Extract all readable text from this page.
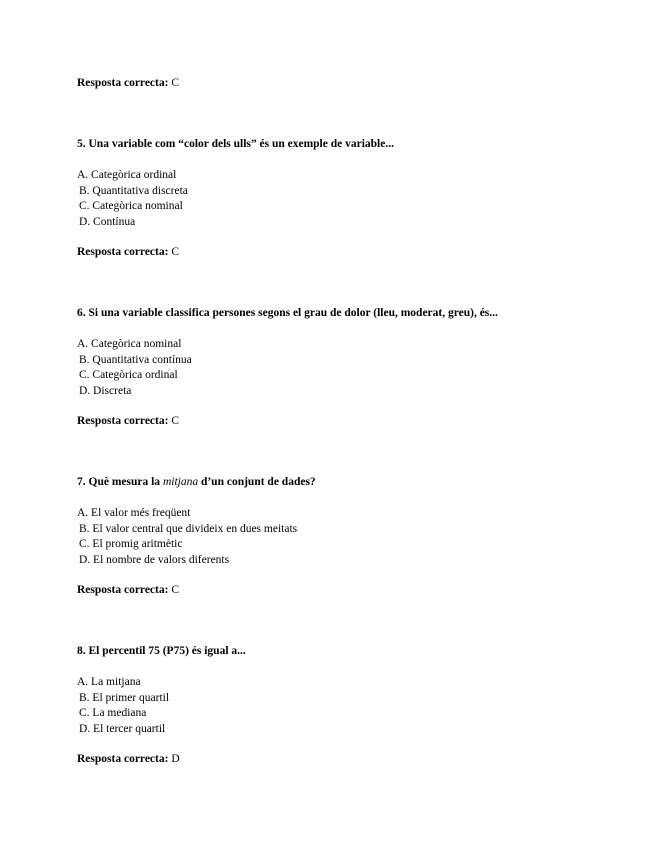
Resposta correcta: C

5. Una variable com “color dels ulls” és un exemple de variable...

A. Categòrica ordinal
B. Quantitativa discreta
C. Categòrica nominal
D. Contínua
Resposta correcta: C

6. Si una variable classifica persones segons el grau de dolor (lleu, moderat, greu), és...

A. Categòrica nominal
B. Quantitativa contínua
C. Categòrica ordinal
D. Discreta
Resposta correcta: C

7. Què mesura la mitjana d’un conjunt de dades?

A. El valor més freqüent
B. El valor central que divideix en dues meitats
C. El promig aritmètic
D. El nombre de valors diferents
Resposta correcta: C

8. El percentil 75 (P75) és igual a...

A. La mitjana
B. El primer quartil
C. La mediana
D. El tercer quartil
Resposta correcta: D
